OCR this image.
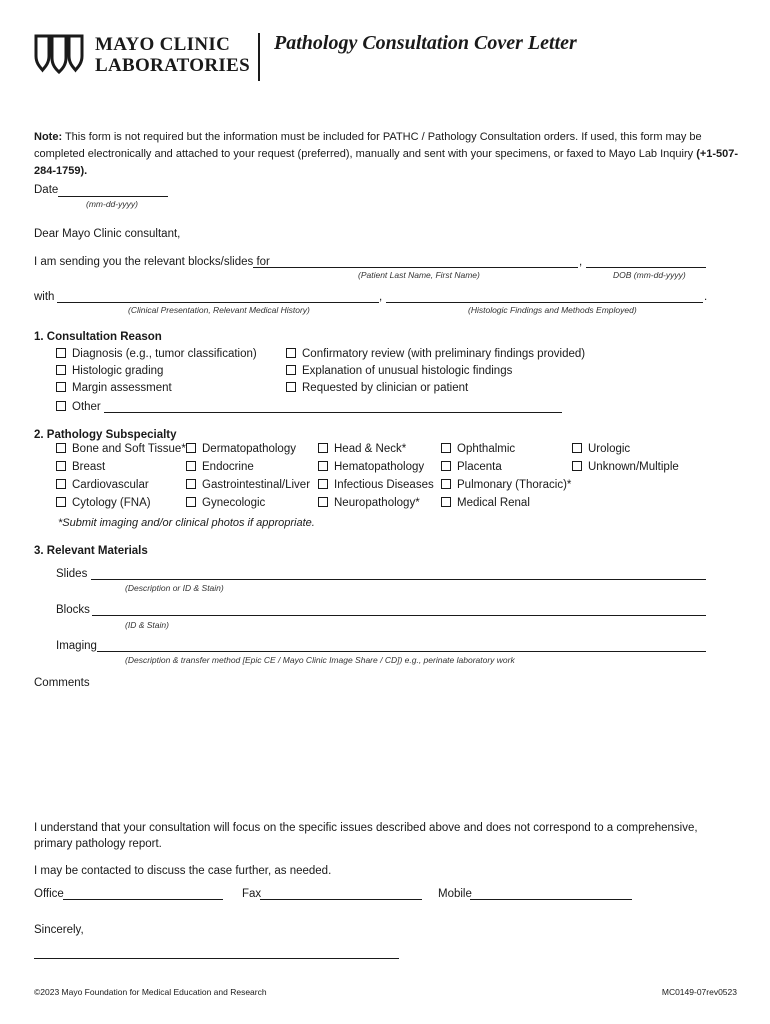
MAYO CLINIC
LABORATORIES
Pathology Consultation Cover Letter
Note: This form is not required but the information must be included for PATHC / Pathology Consultation orders. If used, this form may be completed electronically and attached to your request (preferred), manually and sent with your specimens, or faxed to Mayo Lab Inquiry (+1-507-284-1759).
Date
(mm-dd-yyyy)
Dear Mayo Clinic consultant,
I am sending you the relevant blocks/slides for	,
(Patient Last Name, First Name)	DOB (mm-dd-yyyy)
with	,	.
(Clinical Presentation, Relevant Medical History)	(Histologic Findings and Methods Employed)
1. Consultation Reason
Diagnosis (e.g., tumor classification)
Histologic grading
Margin assessment
Confirmatory review (with preliminary findings provided)
Explanation of unusual histologic findings
Requested by clinician or patient
Other
2. Pathology Subspecialty
Bone and Soft Tissue*
Breast
Cardiovascular
Cytology (FNA)
Dermatopathology
Endocrine
Gastrointestinal/Liver
Gynecologic
Head & Neck*
Hematopathology
Infectious Diseases
Neuropathology*
Ophthalmic
Placenta
Pulmonary (Thoracic)*
Medical Renal
Urologic
Unknown/Multiple
*Submit imaging and/or clinical photos if appropriate.
3. Relevant Materials
Slides
(Description or ID & Stain)
Blocks
(ID & Stain)
Imaging
(Description & transfer method [Epic CE / Mayo Clinic Image Share / CD]) e.g., perinate laboratory work
Comments
I understand that your consultation will focus on the specific issues described above and does not correspond to a comprehensive,
primary pathology report.
I may be contacted to discuss the case further, as needed.
Office	Fax	Mobile
Sincerely,
©2023 Mayo Foundation for Medical Education and Research	MC0149-07rev0523
